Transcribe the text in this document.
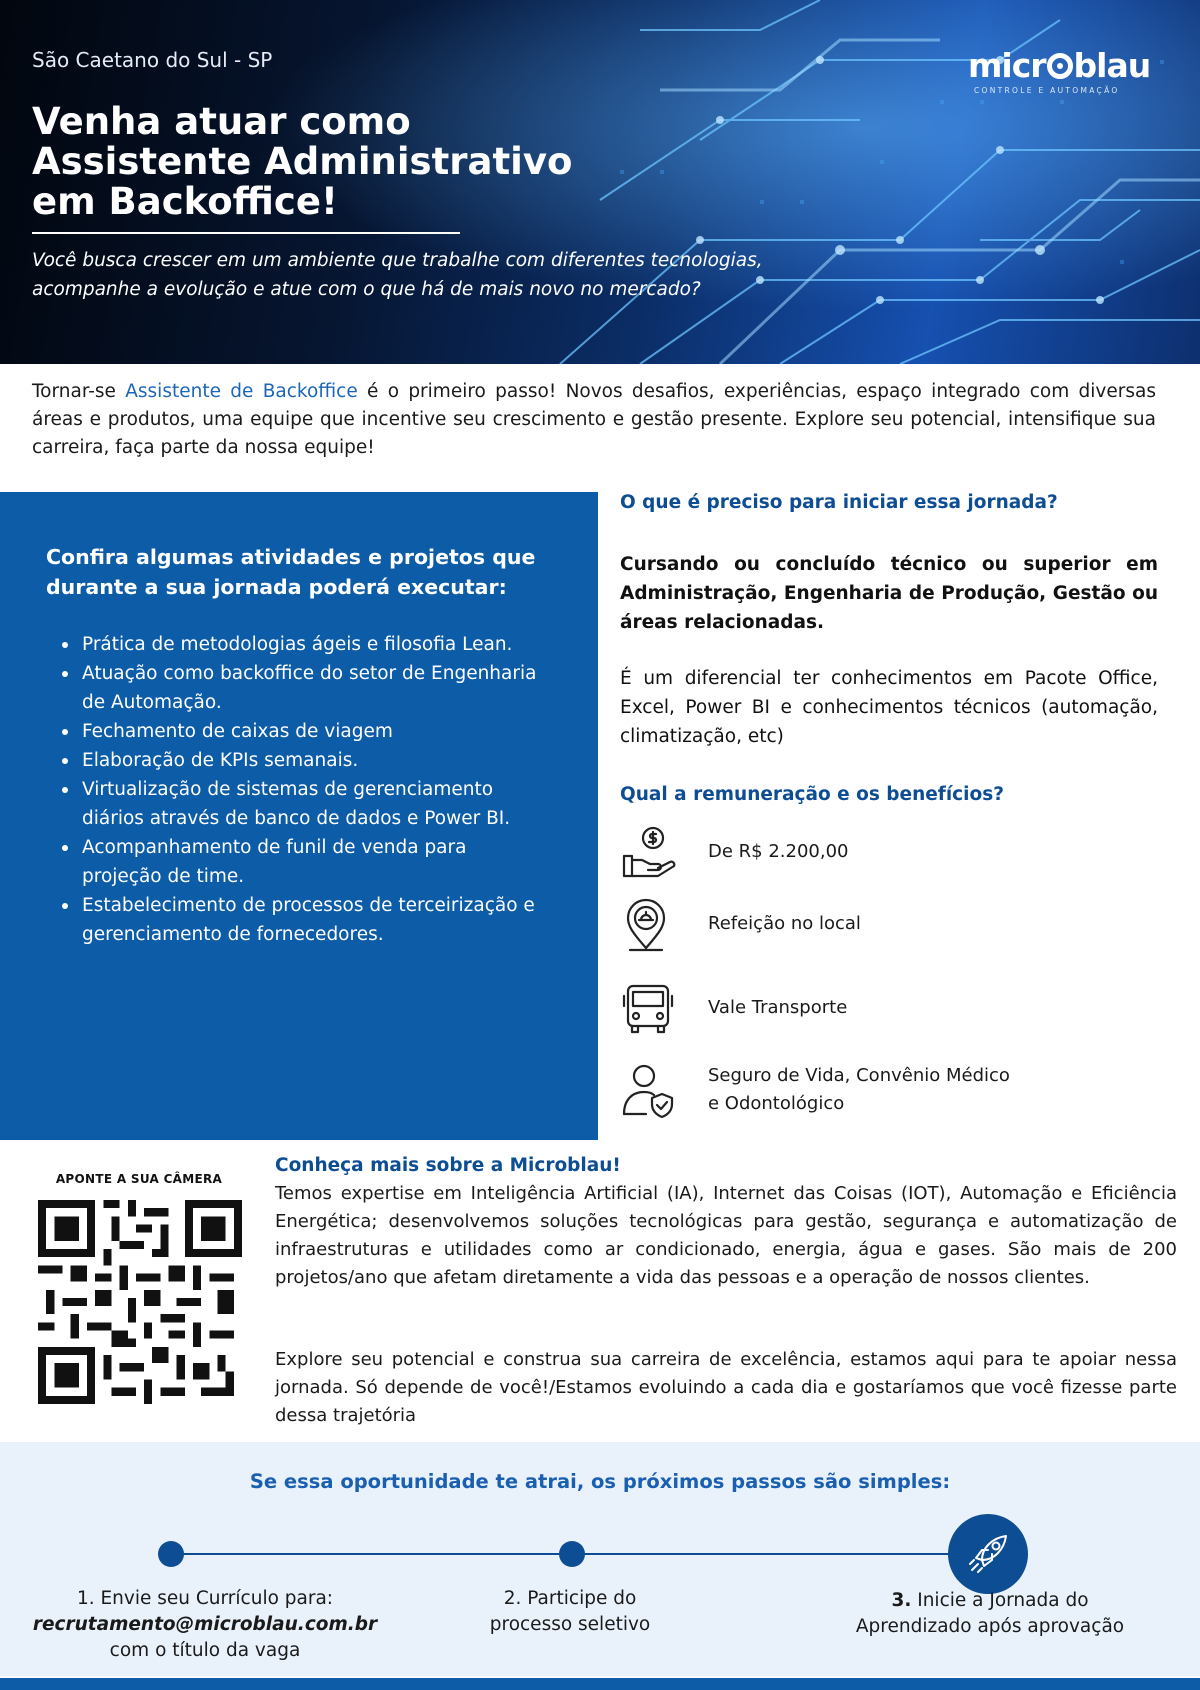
São Caetano do Sul - SP
Venha atuar como
Assistente Administrativo
em Backoffice!
Você busca crescer em um ambiente que trabalhe com diferentes tecnologias, acompanhe a evolução e atue com o que há de mais novo no mercado?
micr blau
CONTROLE E AUTOMAÇÃO
Tornar-se Assistente de Backoffice é o primeiro passo! Novos desafios, experiências, espaço integrado com diversas áreas e produtos, uma equipe que incentive seu crescimento e gestão presente. Explore seu potencial, intensifique sua carreira, faça parte da nossa equipe!
Confira algumas atividades e projetos que durante a sua jornada poderá executar:
Prática de metodologias ágeis e filosofia Lean.
Atuação como backoffice do setor de Engenharia de Automação.
Fechamento de caixas de viagem
Elaboração de KPIs semanais.
Virtualização de sistemas de gerenciamento diários através de banco de dados e Power BI.
Acompanhamento de funil de venda para projeção de time.
Estabelecimento de processos de terceirização e gerenciamento de fornecedores.
O que é preciso para iniciar essa jornada?
Cursando ou concluído técnico ou superior em Administração, Engenharia de Produção, Gestão ou áreas relacionadas.
É um diferencial ter conhecimentos em Pacote Office, Excel, Power BI e conhecimentos técnicos (automação, climatização, etc)
Qual a remuneração e os benefícios?
De R$ 2.200,00
Refeição no local
Vale Transporte
Seguro de Vida, Convênio Médico
e Odontológico
APONTE A SUA CÂMERA
Conheça mais sobre a Microblau!
Temos expertise em Inteligência Artificial (IA), Internet das Coisas (IOT), Automação e Eficiência Energética; desenvolvemos soluções tecnológicas para gestão, segurança e automatização de infraestruturas e utilidades como ar condicionado, energia, água e gases. São mais de 200 projetos/ano que afetam diretamente a vida das pessoas e a operação de nossos clientes.
Explore seu potencial e construa sua carreira de excelência, estamos aqui para te apoiar nessa jornada. Só depende de você!/Estamos evoluindo a cada dia e gostaríamos que você fizesse parte dessa trajetória
Se essa oportunidade te atrai, os próximos passos são simples:
1. Envie seu Currículo para:
recrutamento@microblau.com.br
com o título da vaga
2. Participe do
processo seletivo
3. Inicie a Jornada do
Aprendizado após aprovação
